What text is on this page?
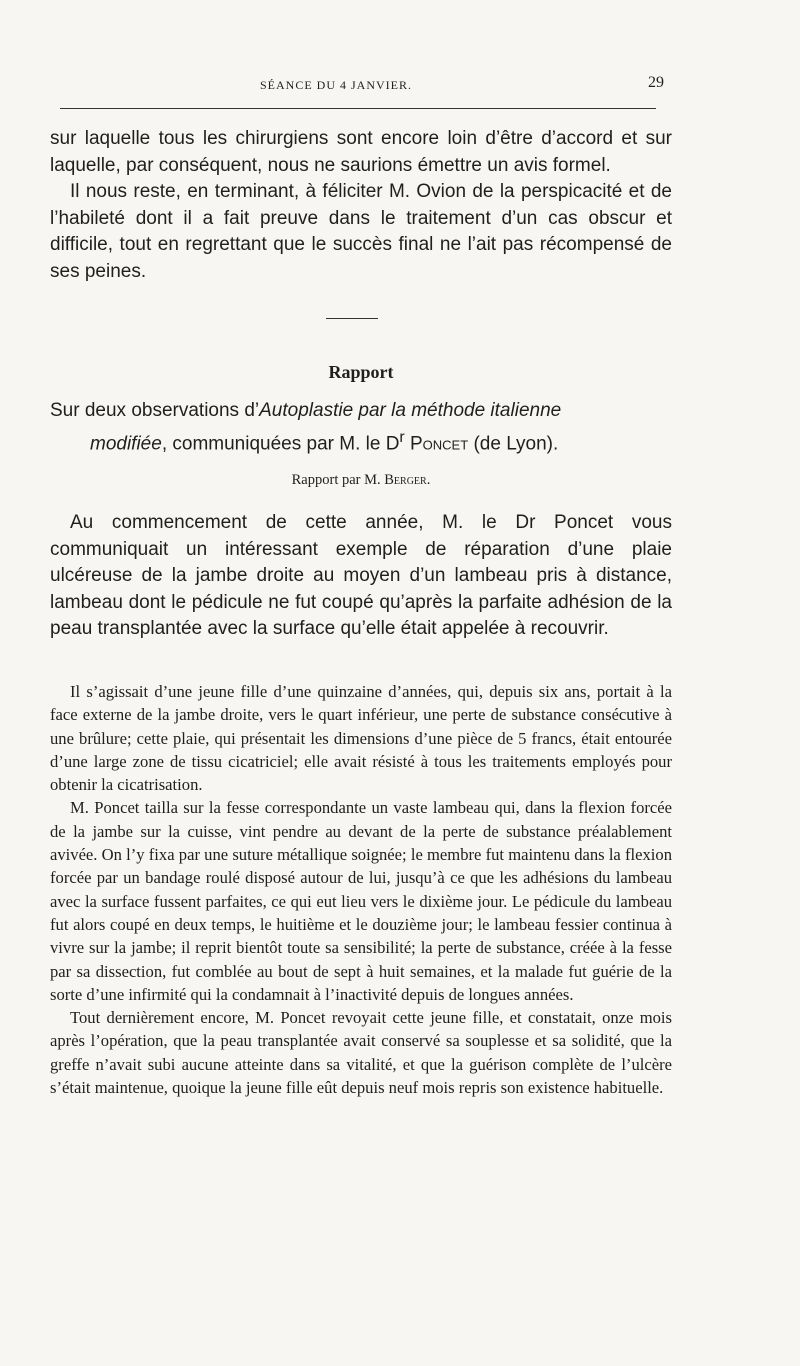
SÉANCE DU 4 JANVIER.	29

sur laquelle tous les chirurgiens sont encore loin d’être d’accord et sur laquelle, par conséquent, nous ne saurions émettre un avis formel.

Il nous reste, en terminant, à féliciter M. Ovion de la perspicacité et de l’habileté dont il a fait preuve dans le traitement d’un cas obscur et difficile, tout en regrettant que le succès final ne l’ait pas récompensé de ses peines.

Rapport
Sur deux observations d’Autoplastie par la méthode italienne
modifiée, communiquées par M. le $D^r$ Poncet (de Lyon).
Rapport par M. Berger.

Au commencement de cette année, M. le Dr Poncet vous communiquait un intéressant exemple de réparation d’une plaie ulcéreuse de la jambe droite au moyen d’un lambeau pris à distance, lambeau dont le pédicule ne fut coupé qu’après la parfaite adhésion de la peau transplantée avec la surface qu’elle était appelée à recouvrir.

Il s’agissait d’une jeune fille d’une quinzaine d’années, qui, depuis six ans, portait à la face externe de la jambe droite, vers le quart inférieur, une perte de substance consécutive à une brûlure; cette plaie, qui présentait les dimensions d’une pièce de 5 francs, était entourée d’une large zone de tissu cicatriciel; elle avait résisté à tous les traitements employés pour obtenir la cicatrisation.

M. Poncet tailla sur la fesse correspondante un vaste lambeau qui, dans la flexion forcée de la jambe sur la cuisse, vint pendre au devant de la perte de substance préalablement avivée. On l’y fixa par une suture métallique soignée; le membre fut maintenu dans la flexion forcée par un bandage roulé disposé autour de lui, jusqu’à ce que les adhésions du lambeau avec la surface fussent parfaites, ce qui eut lieu vers le dixième jour. Le pédicule du lambeau fut alors coupé en deux temps, le huitième et le douzième jour; le lambeau fessier continua à vivre sur la jambe; il reprit bientôt toute sa sensibilité; la perte de substance, créée à la fesse par sa dissection, fut comblée au bout de sept à huit semaines, et la malade fut guérie de la sorte d’une infirmité qui la condamnait à l’inactivité depuis de longues années.

Tout dernièrement encore, M. Poncet revoyait cette jeune fille, et constatait, onze mois après l’opération, que la peau transplantée avait conservé sa souplesse et sa solidité, que la greffe n’avait subi aucune atteinte dans sa vitalité, et que la guérison complète de l’ulcère s’était maintenue, quoique la jeune fille eût depuis neuf mois repris son existence habituelle.
